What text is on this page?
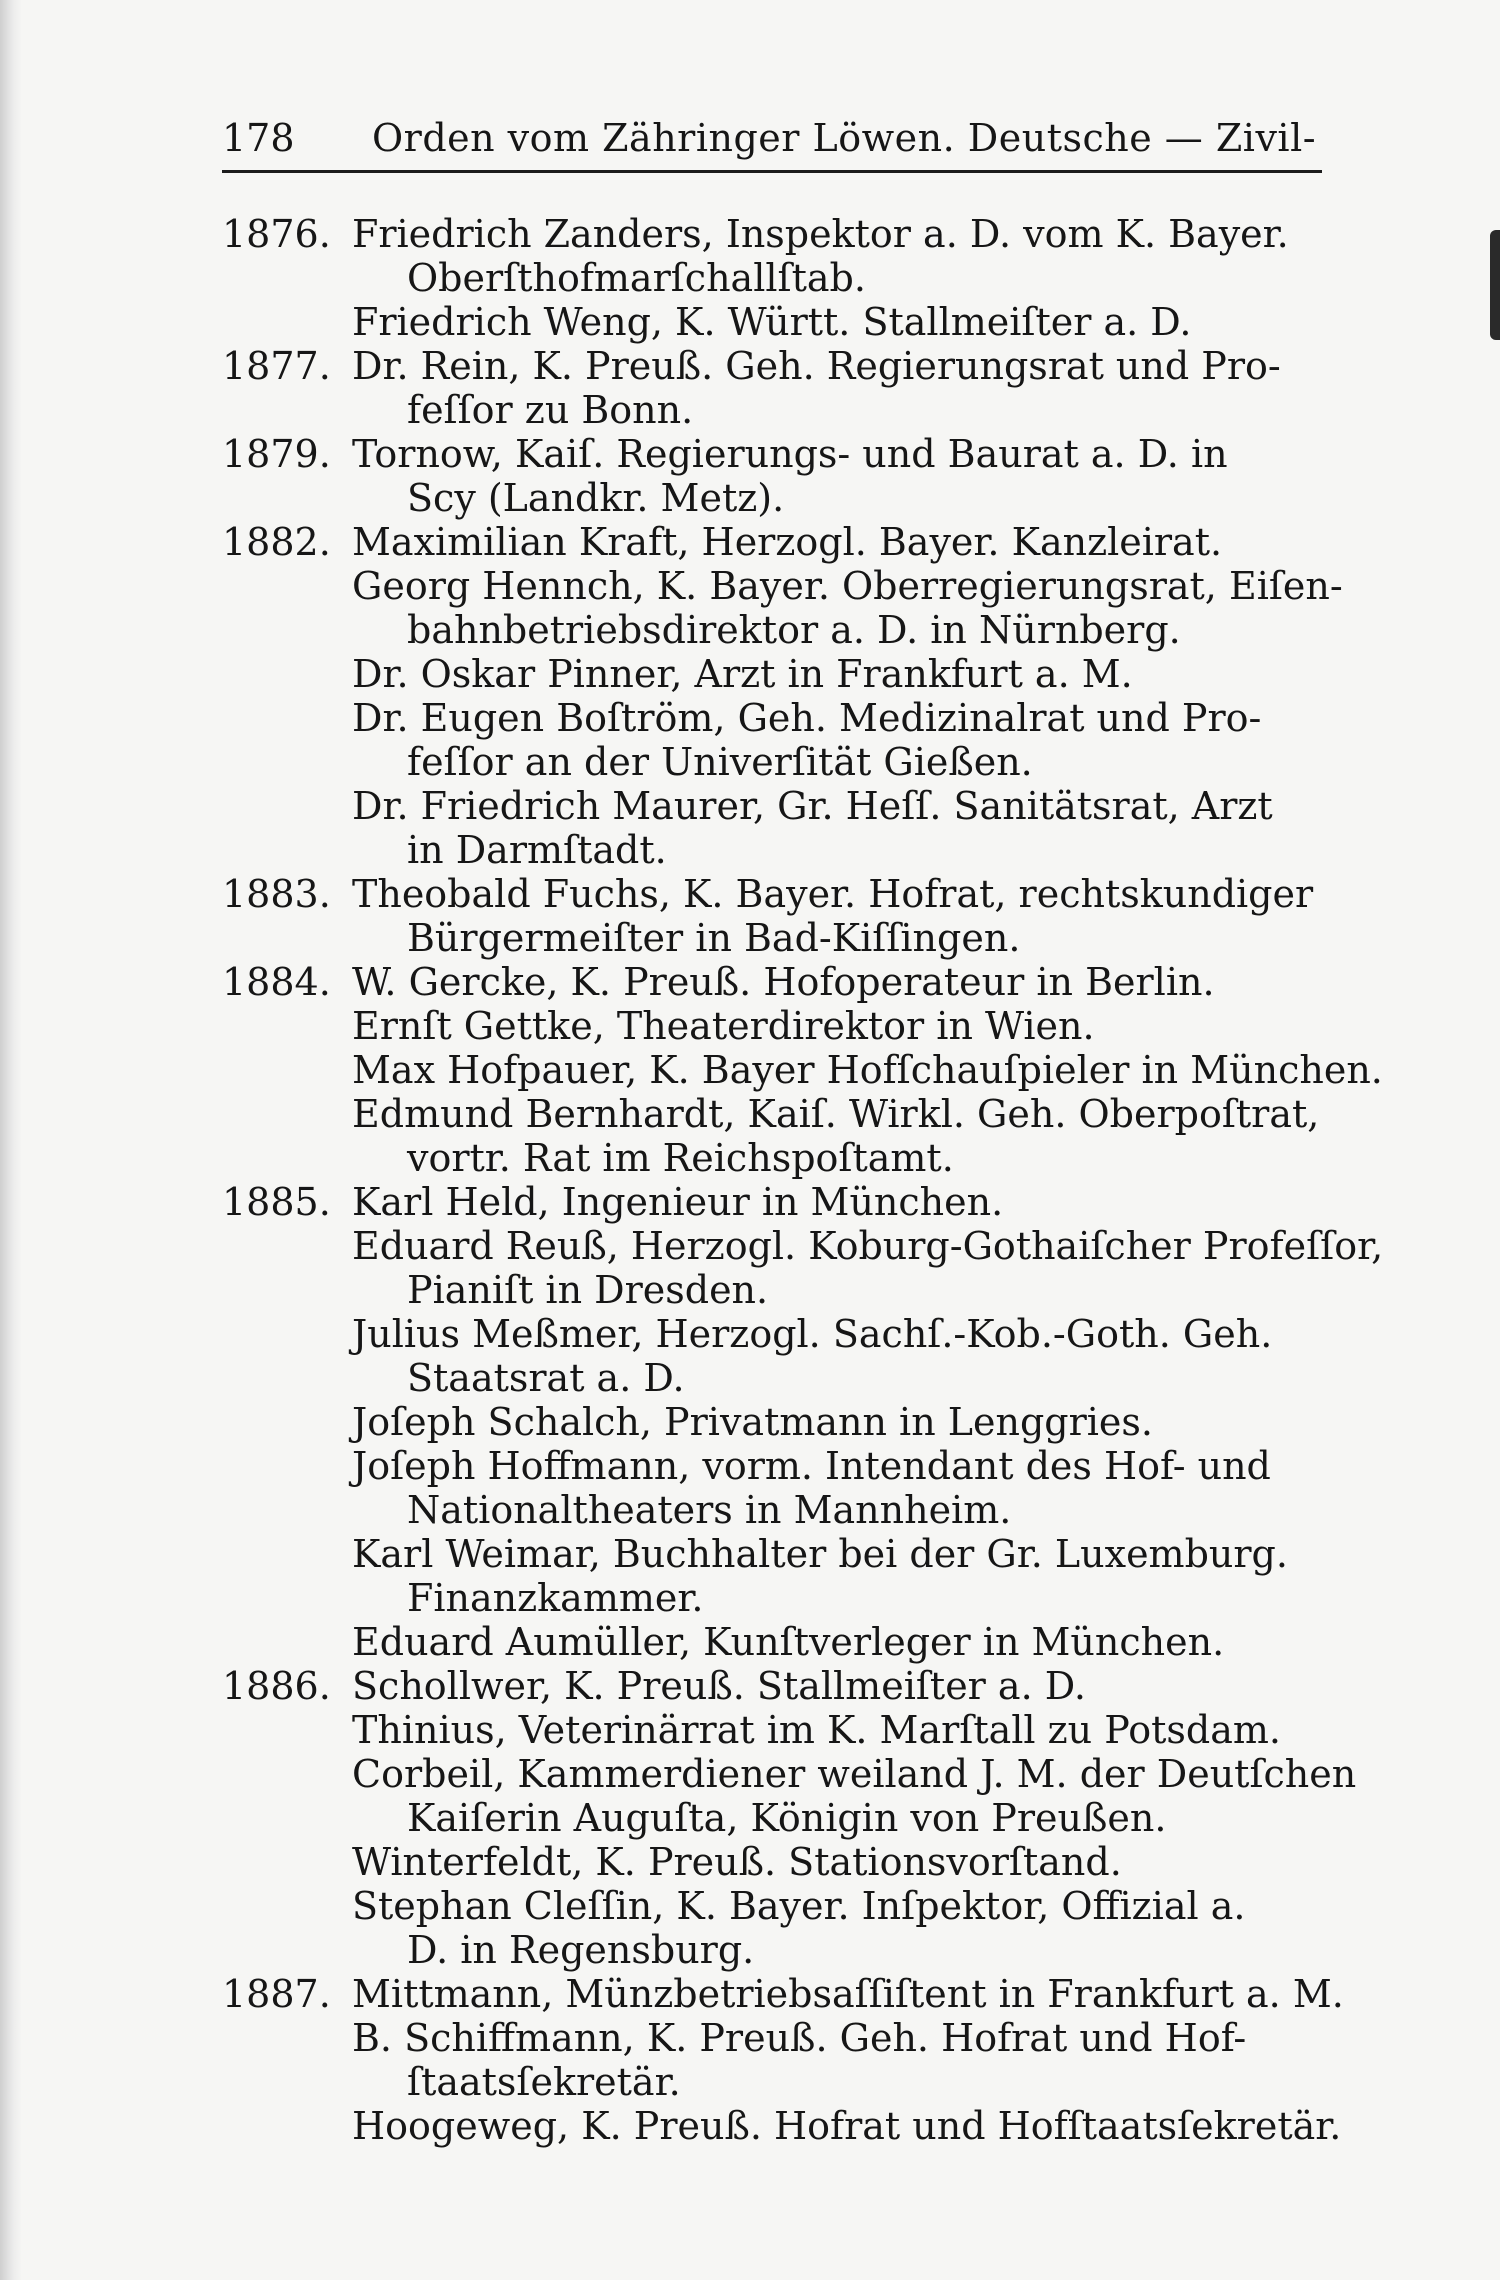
178 Orden vom Zähringer Löwen. Deutsche — Zivil-
1876. Friedrich Zanders, Inspektor a. D. vom K. Bayer.
Oberſthofmarſchallſtab.
Friedrich Weng, K. Württ. Stallmeiſter a. D.
1877. Dr. Rein, K. Preuß. Geh. Regierungsrat und Pro-
feſſor zu Bonn.
1879. Tornow, Kaiſ. Regierungs- und Baurat a. D. in
Scy (Landkr. Metz).
1882. Maximilian Kraft, Herzogl. Bayer. Kanzleirat.
Georg Hennch, K. Bayer. Oberregierungsrat, Eiſen-
bahnbetriebsdirektor a. D. in Nürnberg.
Dr. Oskar Pinner, Arzt in Frankfurt a. M.
Dr. Eugen Boſtröm, Geh. Medizinalrat und Pro-
feſſor an der Univerſität Gießen.
Dr. Friedrich Maurer, Gr. Heſſ. Sanitätsrat, Arzt
in Darmſtadt.
1883. Theobald Fuchs, K. Bayer. Hofrat, rechtskundiger
Bürgermeiſter in Bad-Kiſſingen.
1884. W. Gercke, K. Preuß. Hofoperateur in Berlin.
Ernſt Gettke, Theaterdirektor in Wien.
Max Hofpauer, K. Bayer Hofſchauſpieler in München.
Edmund Bernhardt, Kaiſ. Wirkl. Geh. Oberpoſtrat,
vortr. Rat im Reichspoſtamt.
1885. Karl Held, Ingenieur in München.
Eduard Reuß, Herzogl. Koburg-Gothaiſcher Profeſſor,
Pianiſt in Dresden.
Julius Meßmer, Herzogl. Sachſ.-Kob.-Goth. Geh.
Staatsrat a. D.
Joſeph Schalch, Privatmann in Lenggries.
Joſeph Hoffmann, vorm. Intendant des Hof- und
Nationaltheaters in Mannheim.
Karl Weimar, Buchhalter bei der Gr. Luxemburg.
Finanzkammer.
Eduard Aumüller, Kunſtverleger in München.
1886. Schollwer, K. Preuß. Stallmeiſter a. D.
Thinius, Veterinärrat im K. Marſtall zu Potsdam.
Corbeil, Kammerdiener weiland J. M. der Deutſchen
Kaiſerin Auguſta, Königin von Preußen.
Winterfeldt, K. Preuß. Stationsvorſtand.
Stephan Cleſſin, K. Bayer. Inſpektor, Offizial a.
D. in Regensburg.
1887. Mittmann, Münzbetriebsaſſiſtent in Frankfurt a. M.
B. Schiffmann, K. Preuß. Geh. Hofrat und Hof-
ſtaatsſekretär.
Hoogeweg, K. Preuß. Hofrat und Hofſtaatsſekretär.
